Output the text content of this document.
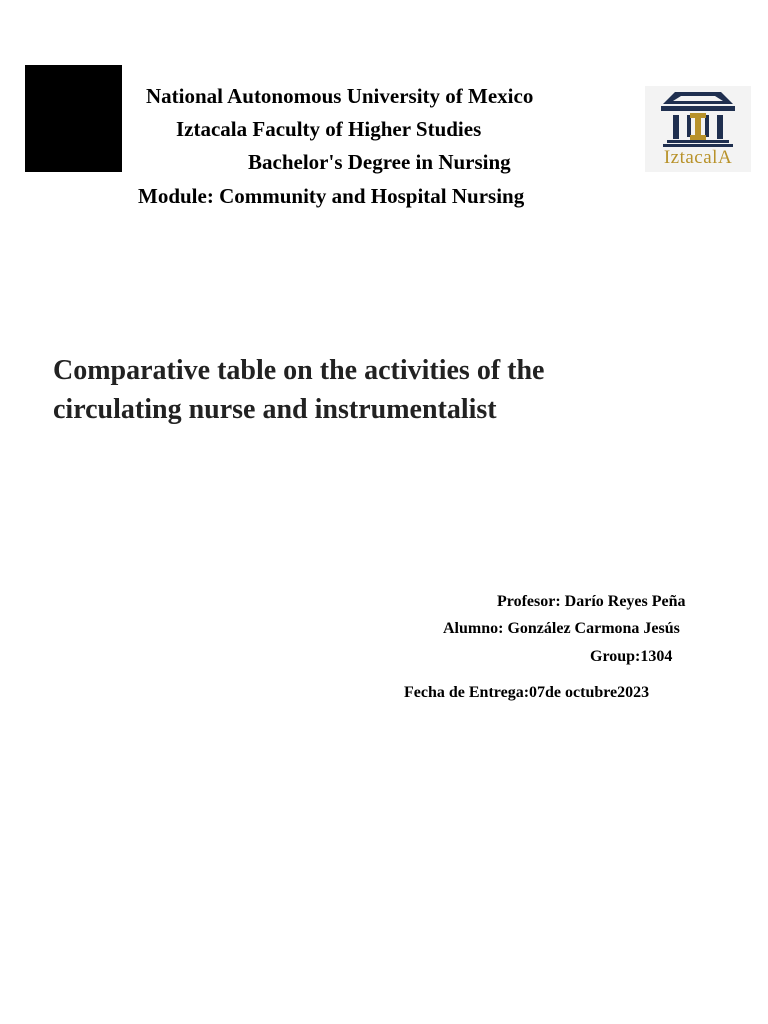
National Autonomous University of Mexico
Iztacala Faculty of Higher Studies
Bachelor's Degree in Nursing
Module: Community and Hospital Nursing
IztacalA
Comparative table on the activities of the
circulating nurse and instrumentalist
Profesor: Darío Reyes Peña
Alumno: González Carmona Jesús
Group:1304
Fecha de Entrega:07de octubre2023
